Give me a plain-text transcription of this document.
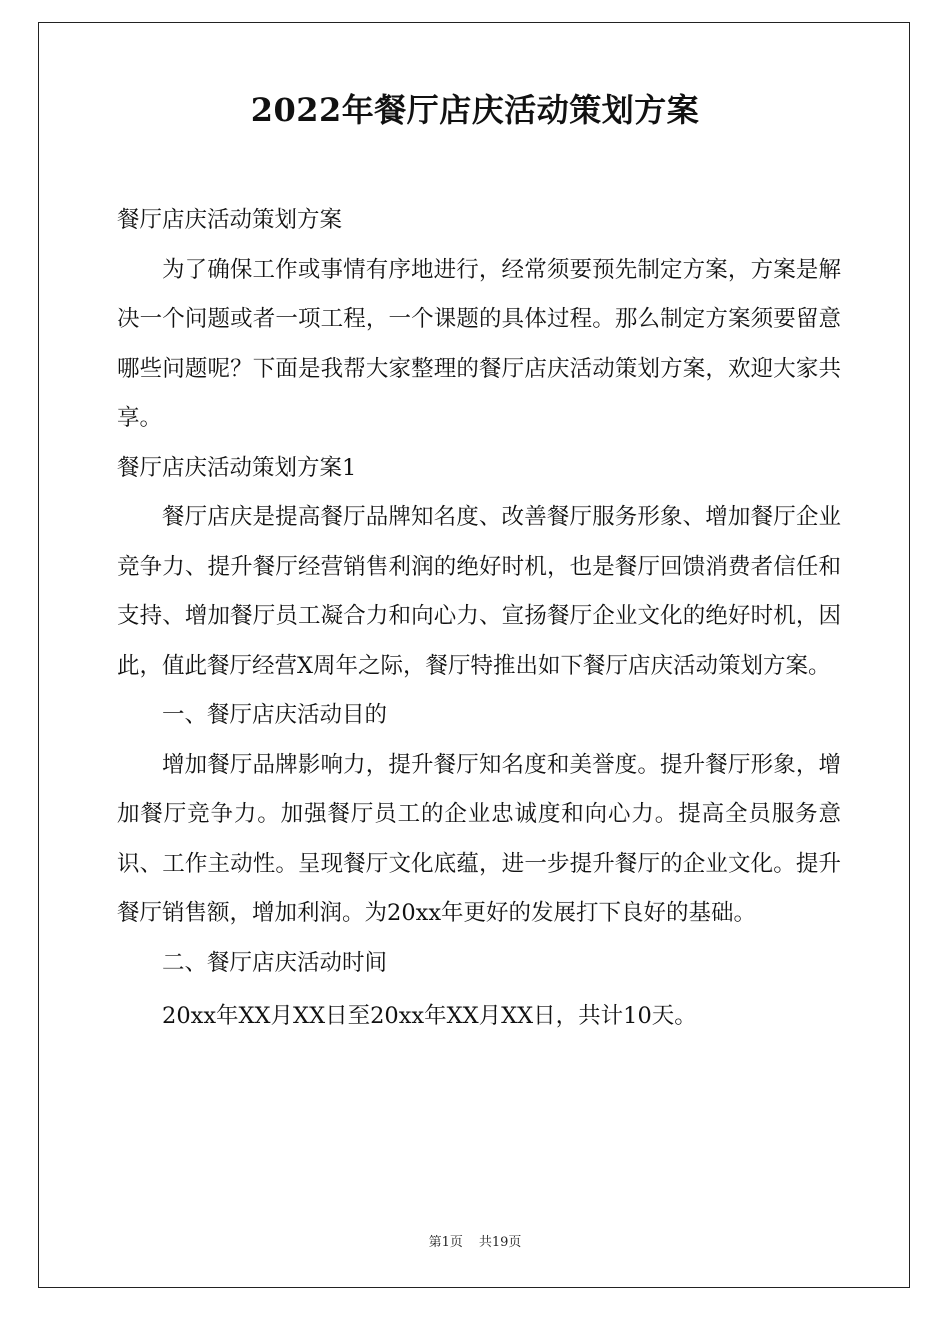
2022年餐厅店庆活动策划方案

餐厅店庆活动策划方案

为了确保工作或事情有序地进行，经常须要预先制定方案，方案是解决一个问题或者一项工程，一个课题的具体过程。那么制定方案须要留意哪些问题呢？下面是我帮大家整理的餐厅店庆活动策划方案，欢迎大家共享。

餐厅店庆活动策划方案1

餐厅店庆是提高餐厅品牌知名度、改善餐厅服务形象、增加餐厅企业竞争力、提升餐厅经营销售利润的绝好时机，也是餐厅回馈消费者信任和支持、增加餐厅员工凝合力和向心力、宣扬餐厅企业文化的绝好时机，因此，值此餐厅经营X周年之际，餐厅特推出如下餐厅店庆活动策划方案。

一、餐厅店庆活动目的

增加餐厅品牌影响力，提升餐厅知名度和美誉度。提升餐厅形象，增加餐厅竞争力。加强餐厅员工的企业忠诚度和向心力。提高全员服务意识、工作主动性。呈现餐厅文化底蕴，进一步提升餐厅的企业文化。提升餐厅销售额，增加利润。为20xx年更好的发展打下良好的基础。

二、餐厅店庆活动时间

20xx年XX月XX日至20xx年XX月XX日，共计10天。

第1页 共19页
